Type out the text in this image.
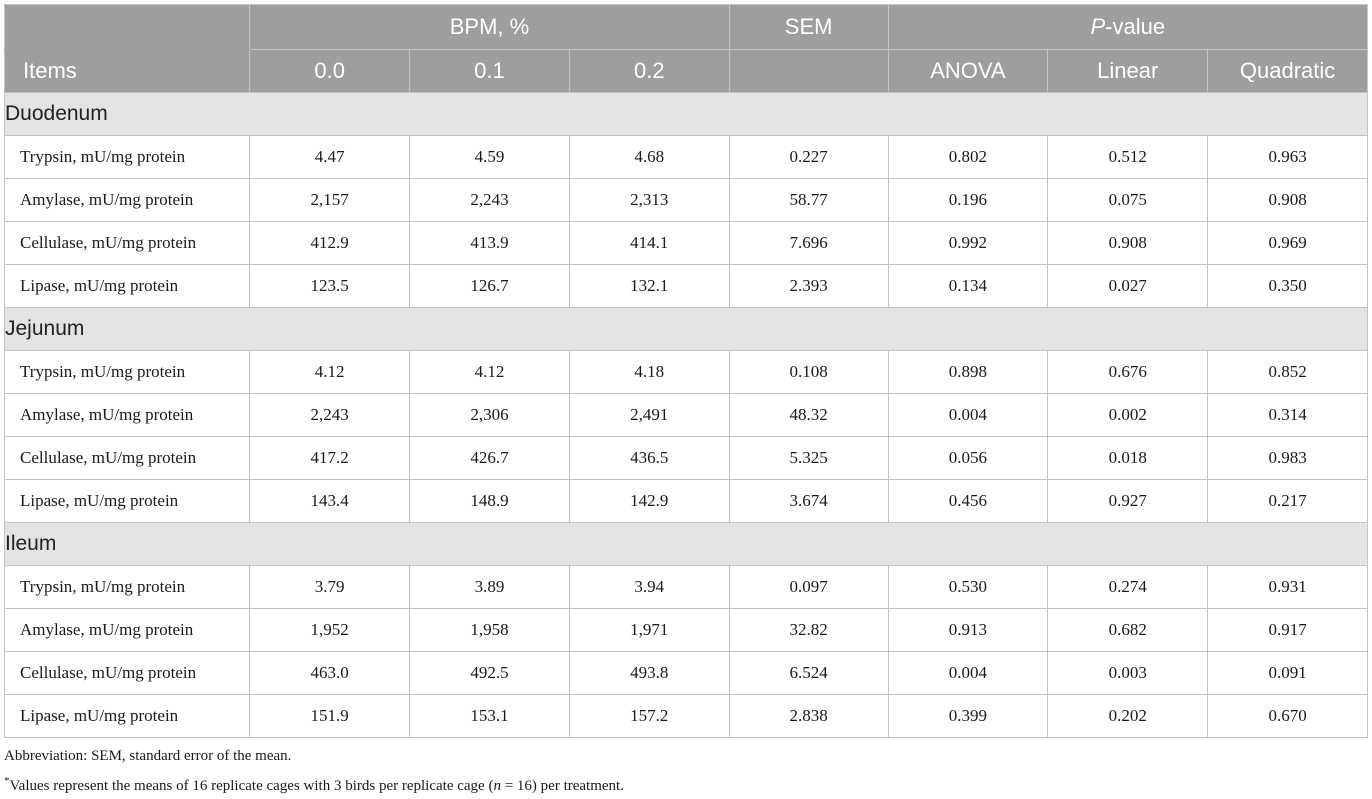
	BPM, %			SEM	P-value		
Items	0.0	0.1	0.2		ANOVA	Linear	Quadratic
Duodenum							
Trypsin, mU/mg protein	4.47	4.59	4.68	0.227	0.802	0.512	0.963
Amylase, mU/mg protein	2,157	2,243	2,313	58.77	0.196	0.075	0.908
Cellulase, mU/mg protein	412.9	413.9	414.1	7.696	0.992	0.908	0.969
Lipase, mU/mg protein	123.5	126.7	132.1	2.393	0.134	0.027	0.350
Jejunum							
Trypsin, mU/mg protein	4.12	4.12	4.18	0.108	0.898	0.676	0.852
Amylase, mU/mg protein	2,243	2,306	2,491	48.32	0.004	0.002	0.314
Cellulase, mU/mg protein	417.2	426.7	436.5	5.325	0.056	0.018	0.983
Lipase, mU/mg protein	143.4	148.9	142.9	3.674	0.456	0.927	0.217
Ileum							
Trypsin, mU/mg protein	3.79	3.89	3.94	0.097	0.530	0.274	0.931
Amylase, mU/mg protein	1,952	1,958	1,971	32.82	0.913	0.682	0.917
Cellulase, mU/mg protein	463.0	492.5	493.8	6.524	0.004	0.003	0.091
Lipase, mU/mg protein	151.9	153.1	157.2	2.838	0.399	0.202	0.670
Abbreviation: SEM, standard error of the mean.
*Values represent the means of 16 replicate cages with 3 birds per replicate cage (n = 16) per treatment.
